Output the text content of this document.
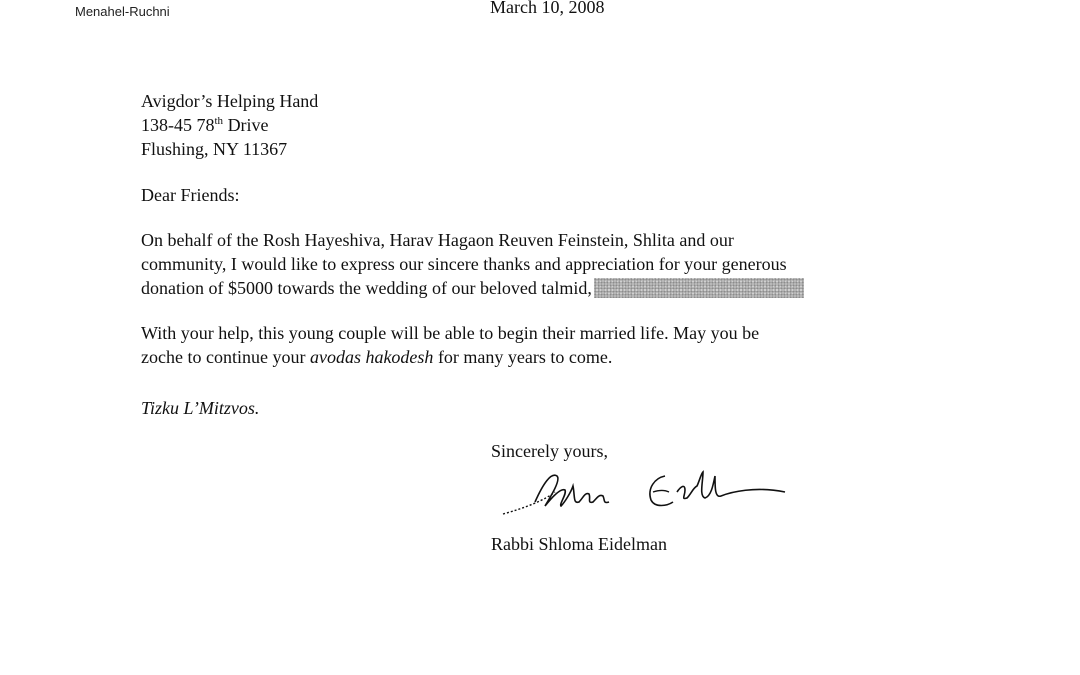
Menahel-Ruchni	March 10, 2008
Avigdor’s Helping Hand
138-45 78th Drive
Flushing, NY 11367
Dear Friends:
On behalf of the Rosh Hayeshiva, Harav Hagaon Reuven Feinstein, Shlita and our
community, I would like to express our sincere thanks and appreciation for your generous
donation of $5000 towards the wedding of our beloved talmid,
With your help, this young couple will be able to begin their married life. May you be
zoche to continue your avodas hakodesh for many years to come.
Tizku L’Mitzvos.
Sincerely yours,
Rabbi Shloma Eidelman
